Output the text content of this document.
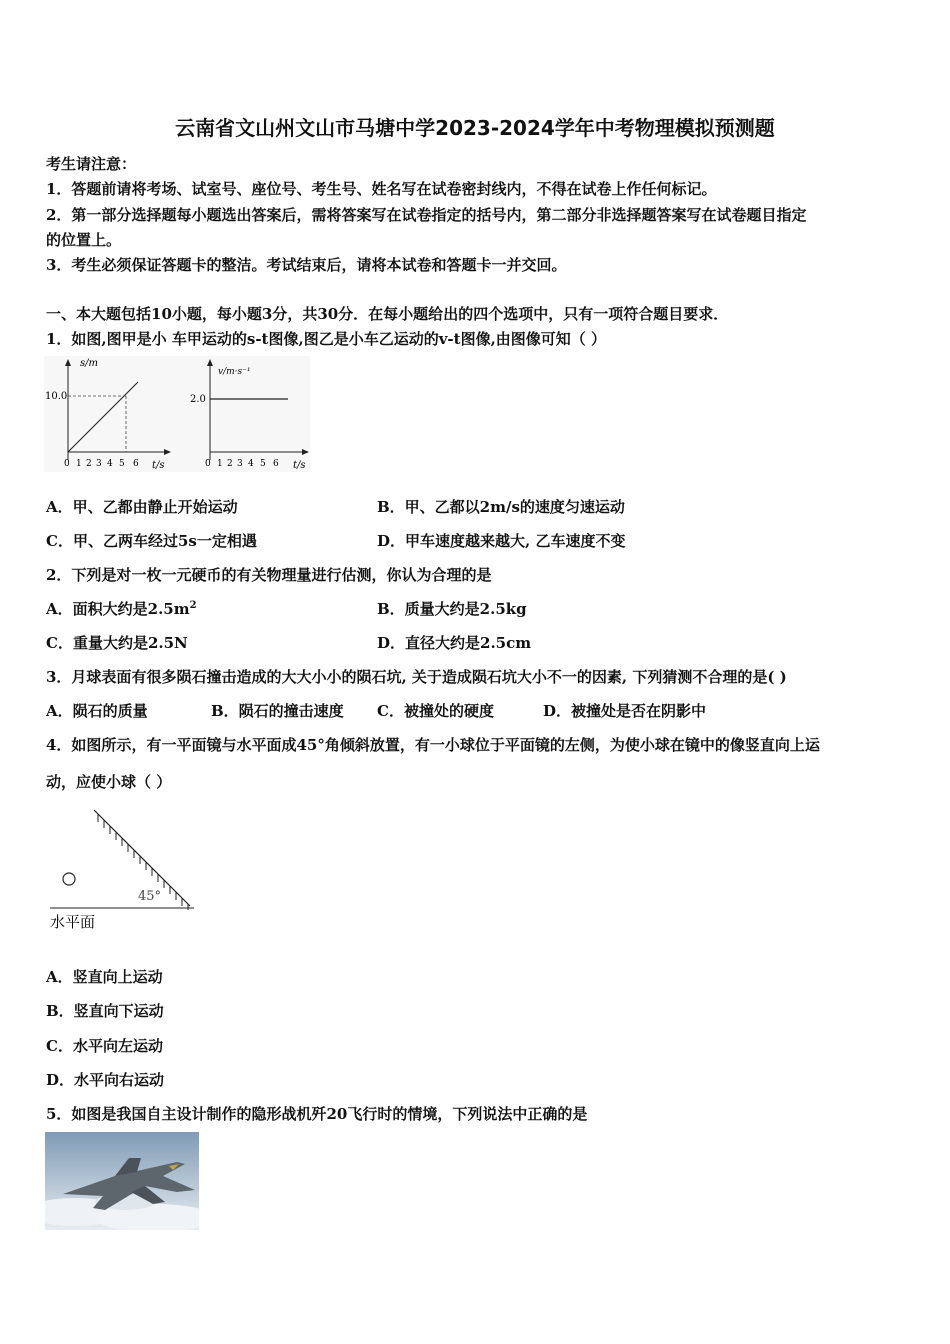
云南省文山州文山市马塘中学2023-2024学年中考物理模拟预测题
考生请注意：
1．答题前请将考场、试室号、座位号、考生号、姓名写在试卷密封线内，不得在试卷上作任何标记。
2．第一部分选择题每小题选出答案后，需将答案写在试卷指定的括号内，第二部分非选择题答案写在试卷题目指定
的位置上。
3．考生必须保证答题卡的整洁。考试结束后，请将本试卷和答题卡一并交回。
一、本大题包括10小题，每小题3分，共30分．在每小题给出的四个选项中，只有一项符合题目要求．
1．如图,图甲是小 车甲运动的s-t图像,图乙是小车乙运动的v-t图像,由图像可知（ ）
s/m
10.0
t/s
0 1 2 3 4 5 6
v/m·s⁻¹
2.0
t/s
0 1 2 3 4 5 6
A．甲、乙都由静止开始运动	B．甲、乙都以2m/s的速度匀速运动
C．甲、乙两车经过5s一定相遇	D．甲车速度越来越大, 乙车速度不变
2．下列是对一枚一元硬币的有关物理量进行估测，你认为合理的是
A．面积大约是$2.5m^2$	B．质量大约是2.5kg
C．重量大约是2.5N	D．直径大约是2.5cm
3．月球表面有很多陨石撞击造成的大大小小的陨石坑, 关于造成陨石坑大小不一的因素, 下列猜测不合理的是( )
A．陨石的质量	B．陨石的撞击速度 C．被撞处的硬度	D．被撞处是否在阴影中
4．如图所示，有一平面镜与水平面成45°角倾斜放置，有一小球位于平面镜的左侧，为使小球在镜中的像竖直向上运
动，应使小球（ ）
45°
水平面
A．竖直向上运动
B．竖直向下运动
C．水平向左运动
D．水平向右运动
5．如图是我国自主设计制作的隐形战机歼20飞行时的情境，下列说法中正确的是
